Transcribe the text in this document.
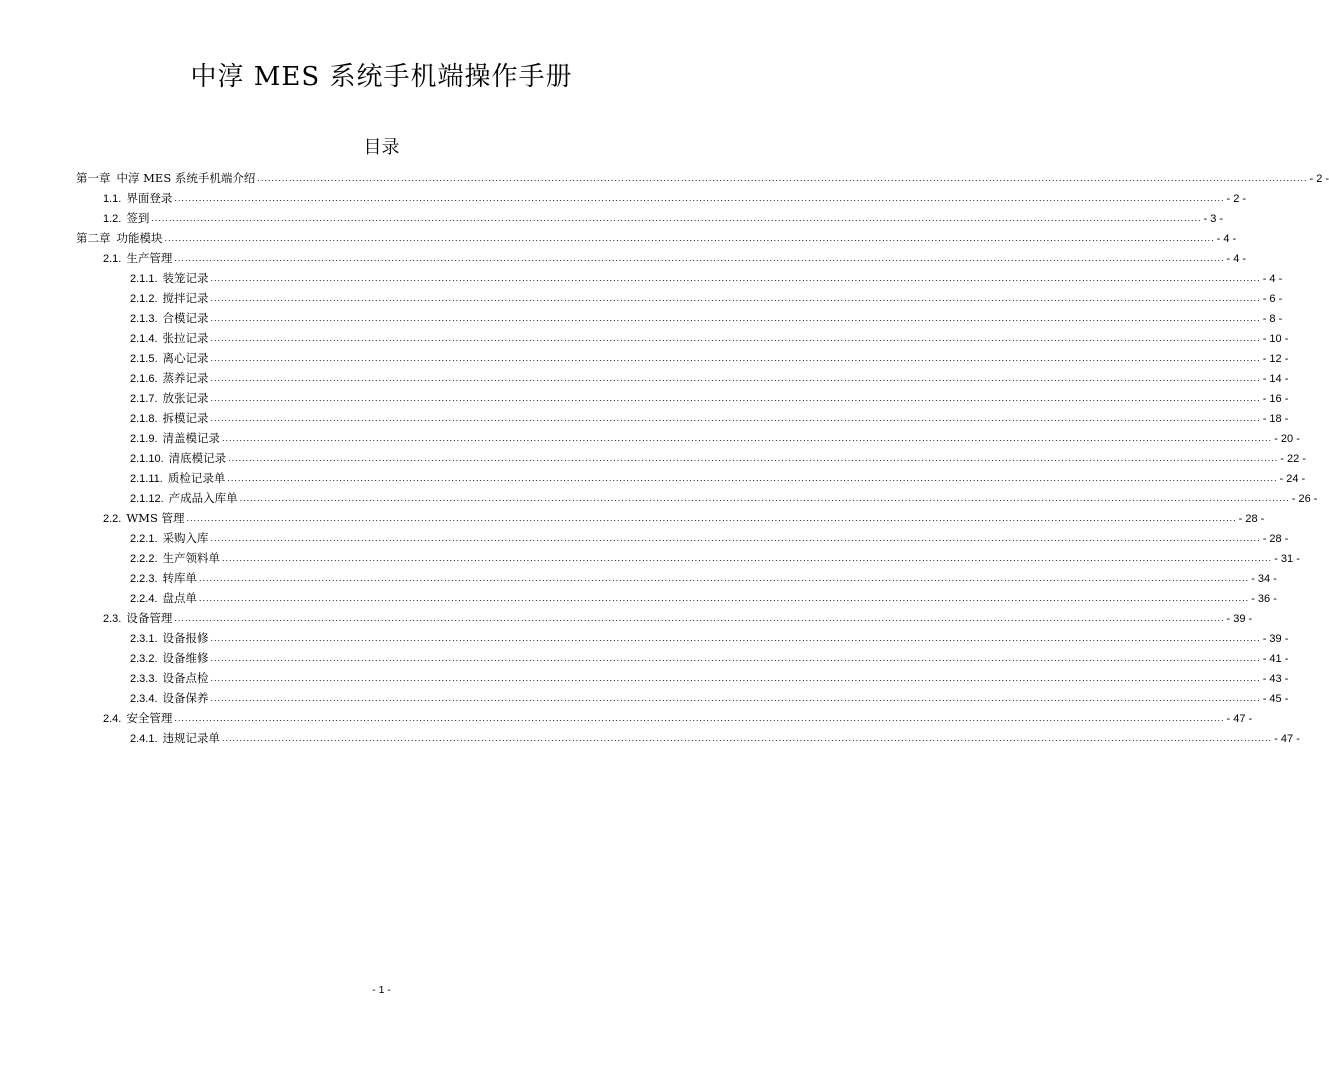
中淳 MES 系统手机端操作手册
目录
第一章 中淳 MES 系统手机端介绍 ............................................................................................................................................................................................................................................................................................................ - 2 -
1.1. 界面登录 ............................................................................................................................................................................................................................................................................................................ - 2 -
1.2. 签到 ............................................................................................................................................................................................................................................................................................................ - 3 -
第二章 功能模块 ............................................................................................................................................................................................................................................................................................................ - 4 -
2.1. 生产管理 ............................................................................................................................................................................................................................................................................................................ - 4 -
2.1.1. 装笼记录 ............................................................................................................................................................................................................................................................................................................ - 4 -
2.1.2. 搅拌记录 ............................................................................................................................................................................................................................................................................................................ - 6 -
2.1.3. 合模记录 ............................................................................................................................................................................................................................................................................................................ - 8 -
2.1.4. 张拉记录 ............................................................................................................................................................................................................................................................................................................ - 10 -
2.1.5. 离心记录 ............................................................................................................................................................................................................................................................................................................ - 12 -
2.1.6. 蒸养记录 ............................................................................................................................................................................................................................................................................................................ - 14 -
2.1.7. 放张记录 ............................................................................................................................................................................................................................................................................................................ - 16 -
2.1.8. 拆模记录 ............................................................................................................................................................................................................................................................................................................ - 18 -
2.1.9. 清盖模记录 ............................................................................................................................................................................................................................................................................................................ - 20 -
2.1.10. 清底模记录 ............................................................................................................................................................................................................................................................................................................ - 22 -
2.1.11. 质检记录单 ............................................................................................................................................................................................................................................................................................................ - 24 -
2.1.12. 产成品入库单 ............................................................................................................................................................................................................................................................................................................ - 26 -
2.2. WMS 管理 ............................................................................................................................................................................................................................................................................................................ - 28 -
2.2.1. 采购入库 ............................................................................................................................................................................................................................................................................................................ - 28 -
2.2.2. 生产领料单 ............................................................................................................................................................................................................................................................................................................ - 31 -
2.2.3. 转库单 ............................................................................................................................................................................................................................................................................................................ - 34 -
2.2.4. 盘点单 ............................................................................................................................................................................................................................................................................................................ - 36 -
2.3. 设备管理 ............................................................................................................................................................................................................................................................................................................ - 39 -
2.3.1. 设备报修 ............................................................................................................................................................................................................................................................................................................ - 39 -
2.3.2. 设备维修 ............................................................................................................................................................................................................................................................................................................ - 41 -
2.3.3. 设备点检 ............................................................................................................................................................................................................................................................................................................ - 43 -
2.3.4. 设备保养 ............................................................................................................................................................................................................................................................................................................ - 45 -
2.4. 安全管理 ............................................................................................................................................................................................................................................................................................................ - 47 -
2.4.1. 违规记录单 ............................................................................................................................................................................................................................................................................................................ - 47 -
- 1 -
